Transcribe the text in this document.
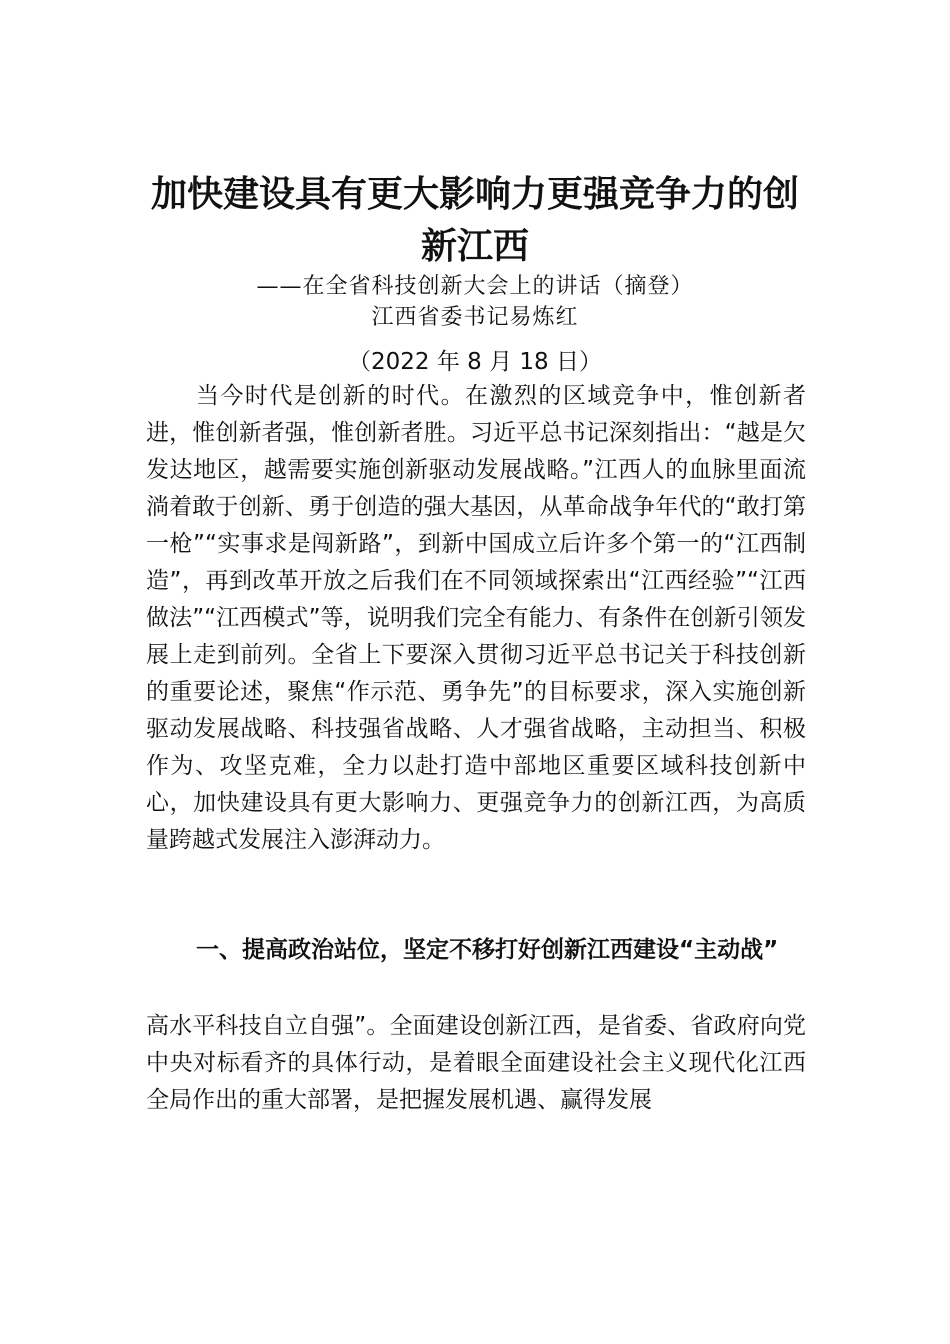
加快建设具有更大影响力更强竞争力的创
新江西
——在全省科技创新大会上的讲话（摘登）
江西省委书记易炼红
（2022 年 8 月 18 日）

当今时代是创新的时代。在激烈的区域竞争中，惟创新者进，惟创新者强，惟创新者胜。习近平总书记深刻指出：“越是欠发达地区，越需要实施创新驱动发展战略。”江西人的血脉里面流淌着敢于创新、勇于创造的强大基因，从革命战争年代的“敢打第一枪”“实事求是闯新路”，到新中国成立后许多个第一的“江西制造”，再到改革开放之后我们在不同领域探索出“江西经验”“江西做法”“江西模式”等，说明我们完全有能力、有条件在创新引领发展上走到前列。全省上下要深入贯彻习近平总书记关于科技创新的重要论述，聚焦“作示范、勇争先”的目标要求，深入实施创新驱动发展战略、科技强省战略、人才强省战略，主动担当、积极作为、攻坚克难，全力以赴打造中部地区重要区域科技创新中心，加快建设具有更大影响力、更强竞争力的创新江西，为高质量跨越式发展注入澎湃动力。

一、提高政治站位，坚定不移打好创新江西建设“主动战”

高水平科技自立自强”。全面建设创新江西，是省委、省政府向党中央对标看齐的具体行动，是着眼全面建设社会主义现代化江西全局作出的重大部署，是把握发展机遇、赢得发展
